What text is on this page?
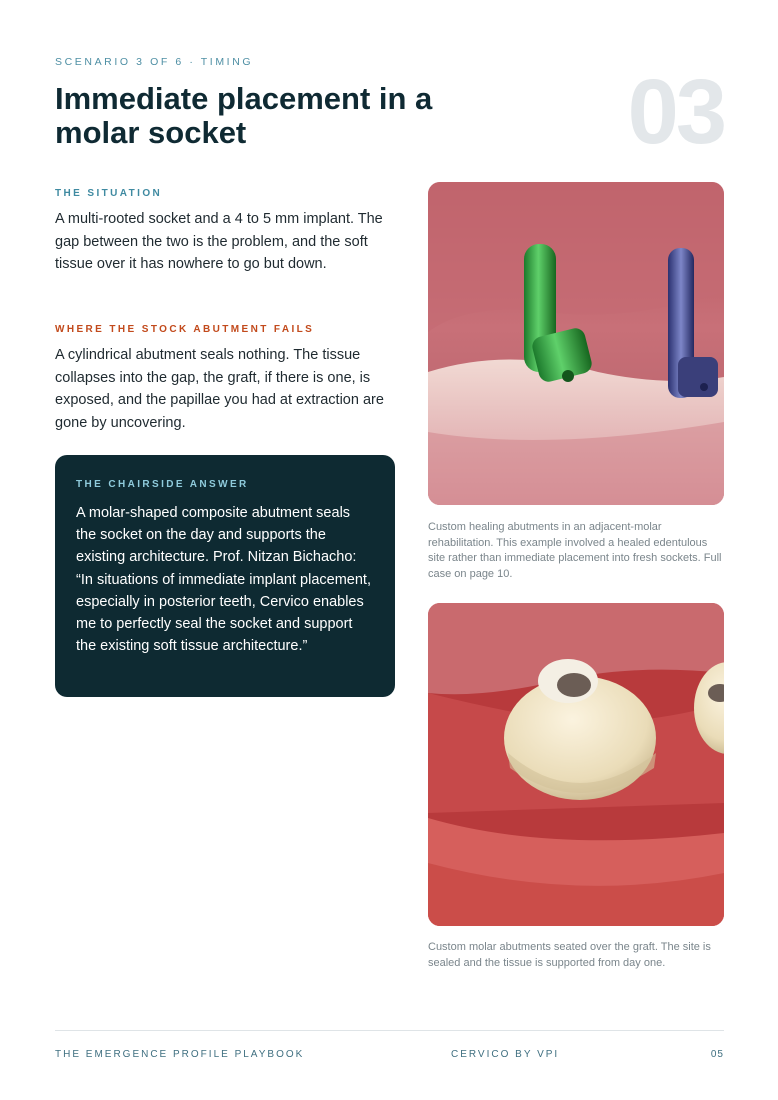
SCENARIO 3 OF 6 · TIMING
Immediate placement in a molar socket	03
THE SITUATION

A multi-rooted socket and a 4 to 5 mm implant. The gap between the two is the problem, and the soft tissue over it has nowhere to go but down.

WHERE THE STOCK ABUTMENT FAILS

A cylindrical abutment seals nothing. The tissue collapses into the gap, the graft, if there is one, is exposed, and the papillae you had at extraction are gone by uncovering.

THE CHAIRSIDE ANSWER

A molar-shaped composite abutment seals the socket on the day and supports the existing architecture. Prof. Nitzan Bichacho: “In situations of immediate implant placement, especially in posterior teeth, Cervico enables me to perfectly seal the socket and support the existing soft tissue architecture.”

Custom healing abutments in an adjacent-molar rehabilitation. This example involved a healed edentulous site rather than immediate placement into fresh sockets. Full case on page 10.

Custom molar abutments seated over the graft. The site is sealed and the tissue is supported from day one.

THE EMERGENCE PROFILE PLAYBOOK	CERVICO BY VPI	05
